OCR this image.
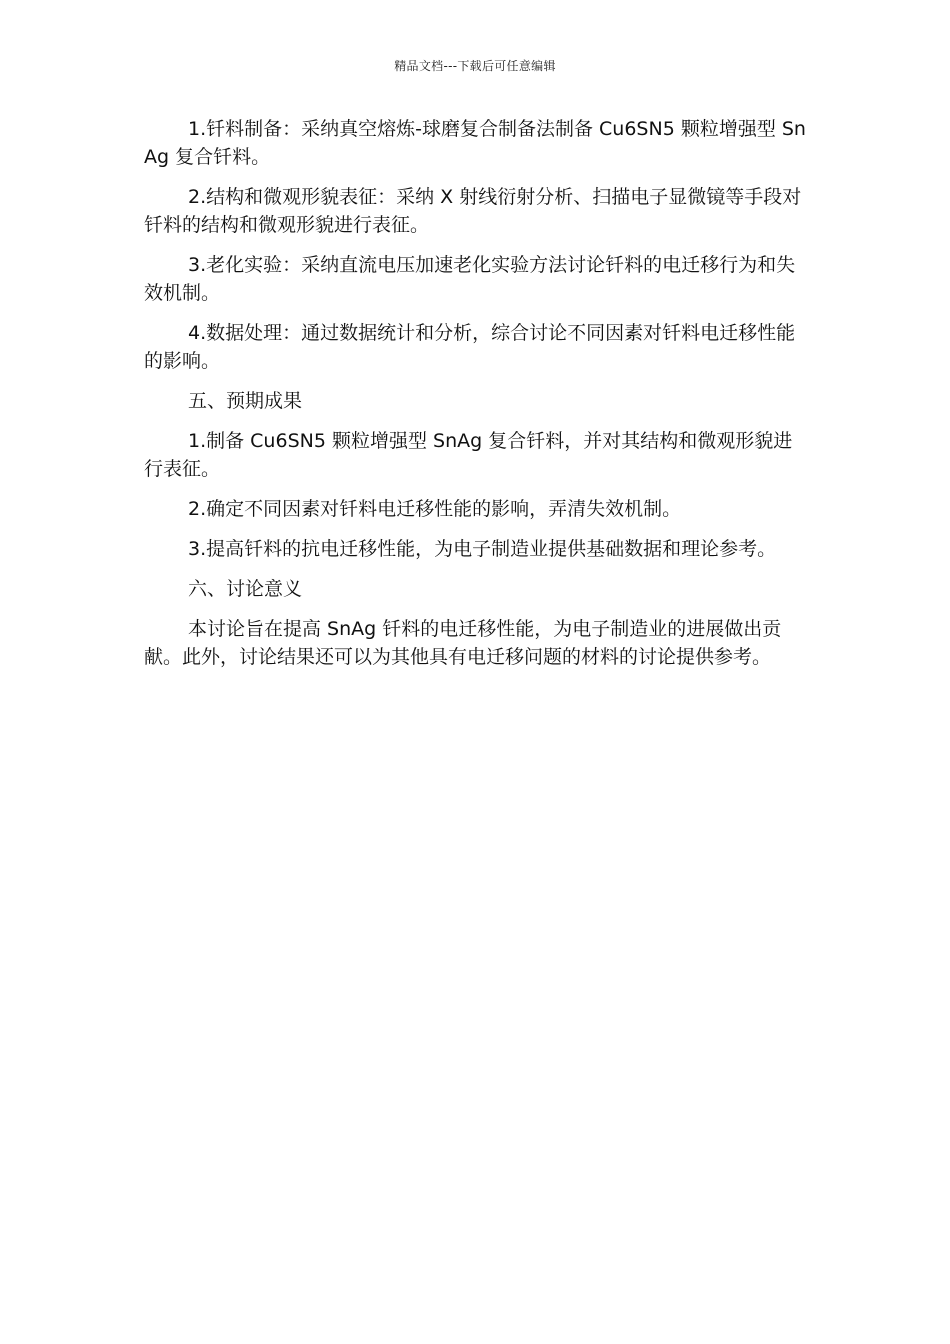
精品文档---下载后可任意编辑

1.钎料制备：采纳真空熔炼-球磨复合制备法制备 Cu6SN5 颗粒增强型 SnAg 复合钎料。

2.结构和微观形貌表征：采纳 X 射线衍射分析、扫描电子显微镜等手段对钎料的结构和微观形貌进行表征。

3.老化实验：采纳直流电压加速老化实验方法讨论钎料的电迁移行为和失效机制。

4.数据处理：通过数据统计和分析，综合讨论不同因素对钎料电迁移性能的影响。

五、预期成果

1.制备 Cu6SN5 颗粒增强型 SnAg 复合钎料，并对其结构和微观形貌进行表征。

2.确定不同因素对钎料电迁移性能的影响，弄清失效机制。

3.提高钎料的抗电迁移性能，为电子制造业提供基础数据和理论参考。

六、讨论意义

本讨论旨在提高 SnAg 钎料的电迁移性能，为电子制造业的进展做出贡献。此外，讨论结果还可以为其他具有电迁移问题的材料的讨论提供参考。
